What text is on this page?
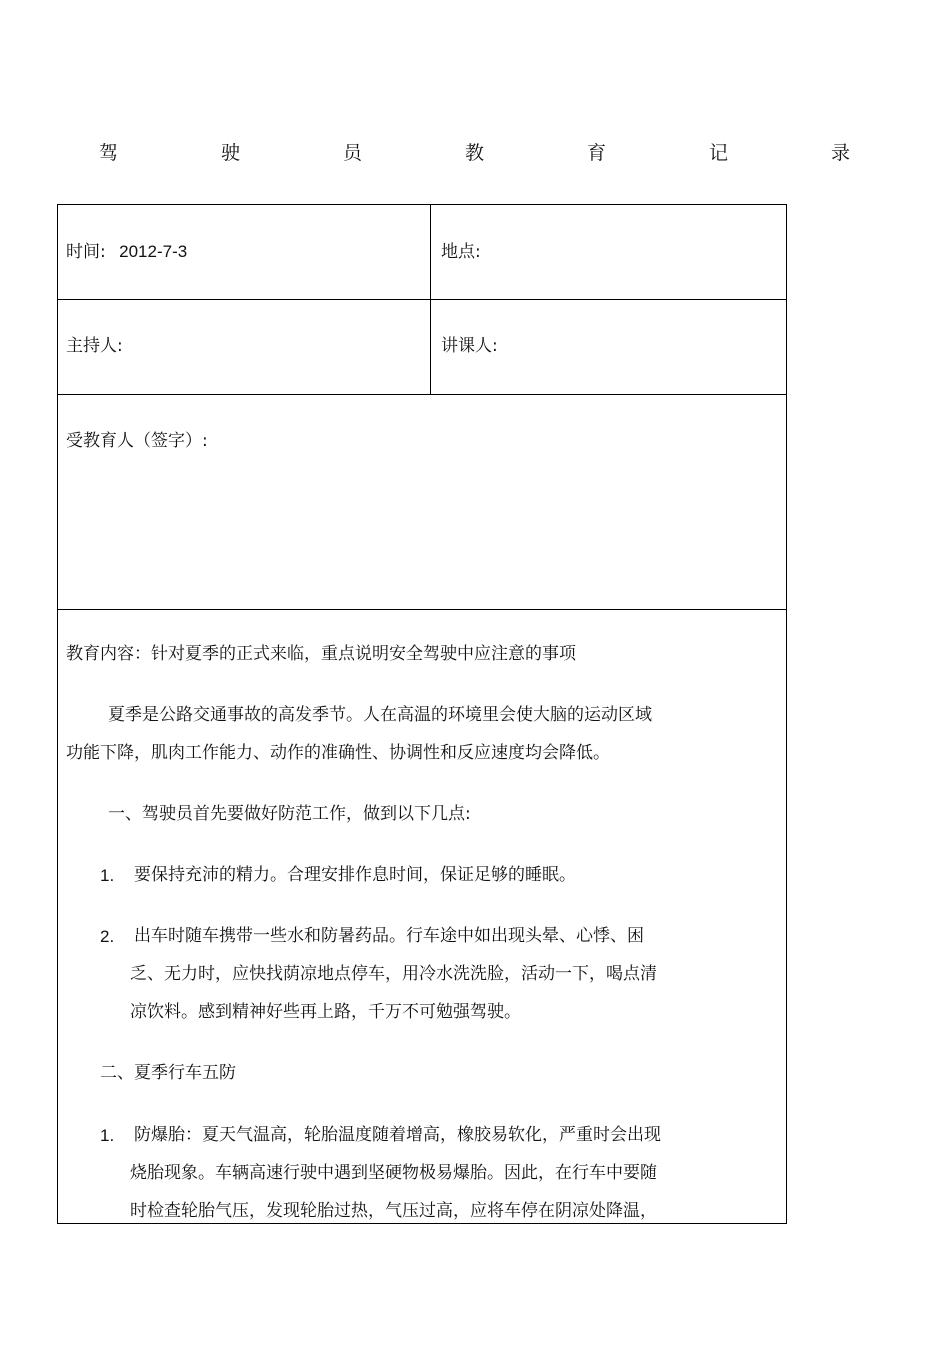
驾	驶	员	教	育	记	录
时间: 2012-7-3	地点:
主持人:	讲课人:
受教育人（签字）:
教育内容：针对夏季的正式来临，重点说明安全驾驶中应注意的事项
夏季是公路交通事故的高发季节。人在高温的环境里会使大脑的运动区域
功能下降，肌肉工作能力、动作的准确性、协调性和反应速度均会降低。
一、驾驶员首先要做好防范工作，做到以下几点:
1. 要保持充沛的精力。合理安排作息时间，保证足够的睡眠。
2. 出车时随车携带一些水和防暑药品。行车途中如出现头晕、心悸、困
乏、无力时，应快找荫凉地点停车，用冷水洗洗脸，活动一下，喝点清
凉饮料。感到精神好些再上路，千万不可勉强驾驶。
二、夏季行车五防
1. 防爆胎：夏天气温高，轮胎温度随着增高，橡胶易软化，严重时会出现
烧胎现象。车辆高速行驶中遇到坚硬物极易爆胎。因此，在行车中要随
时检查轮胎气压，发现轮胎过热，气压过高，应将车停在阴凉处降温，
